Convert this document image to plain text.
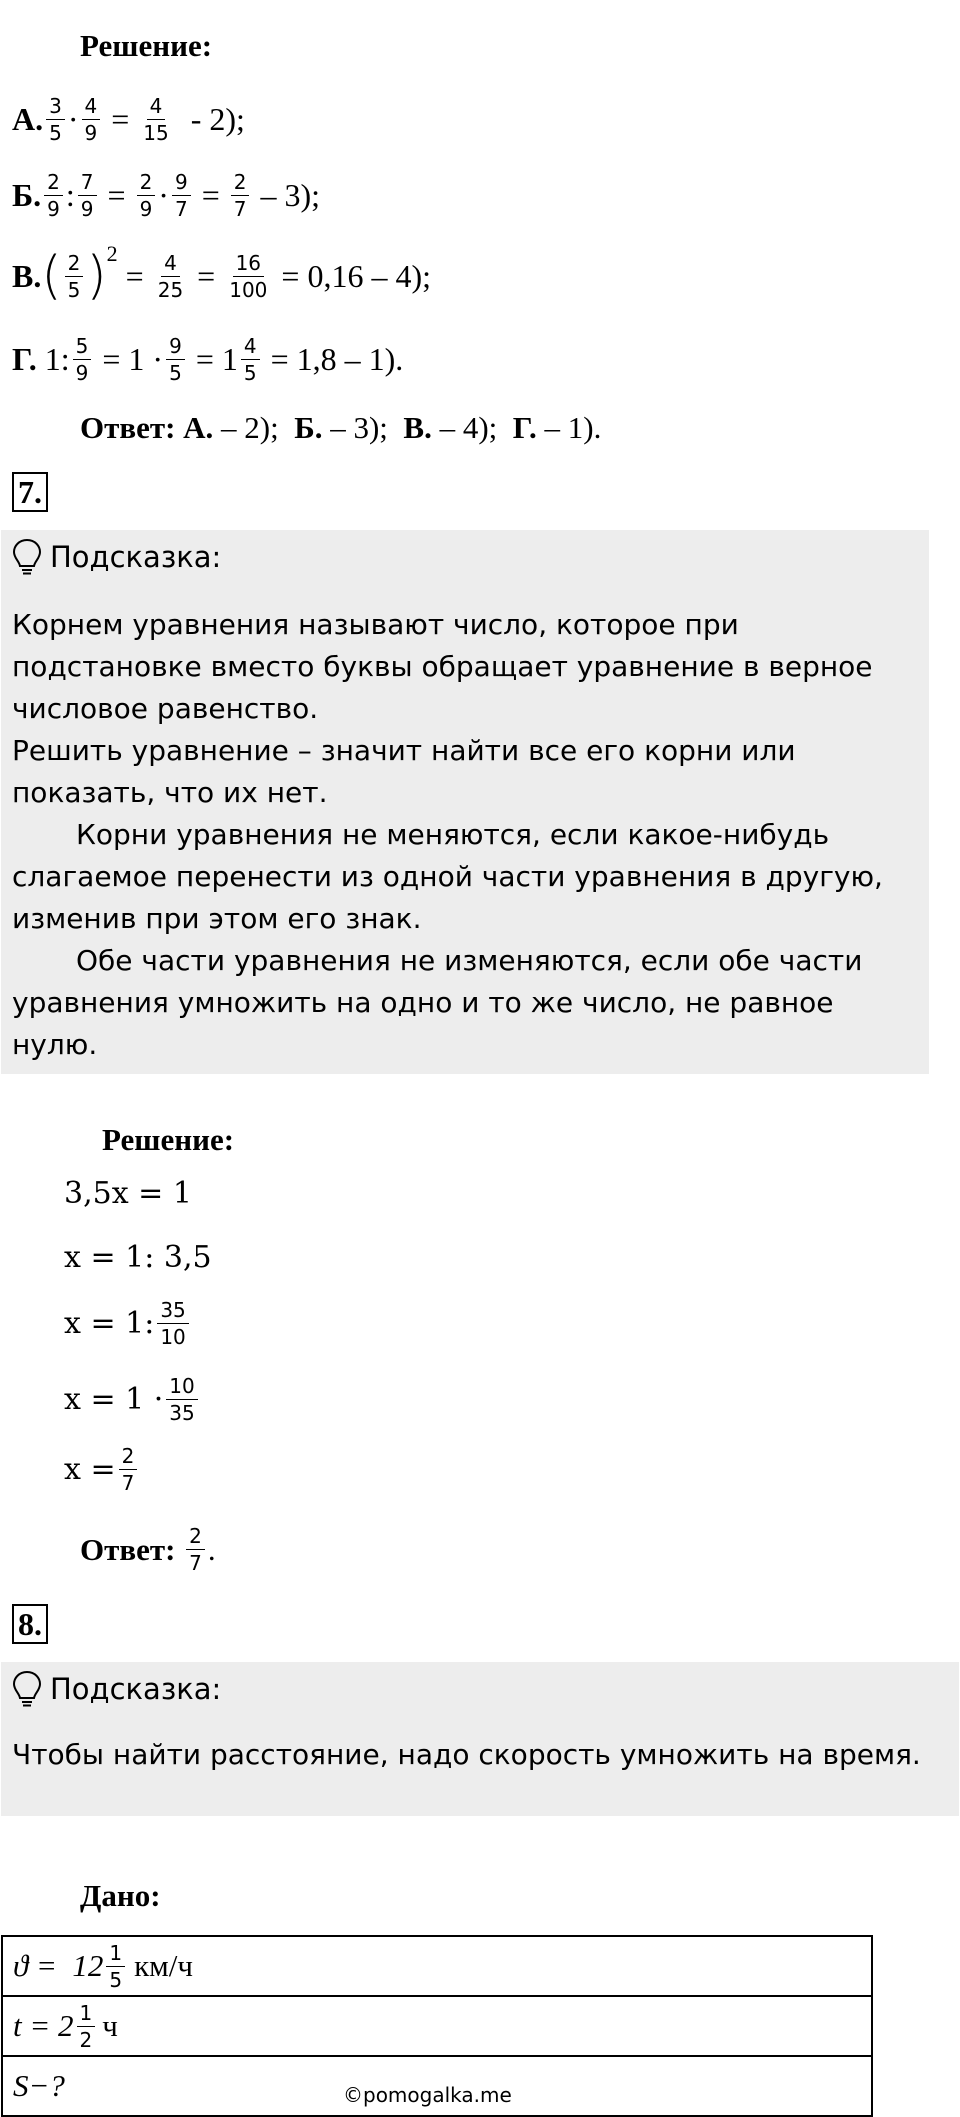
Решение:
А. $\frac{3}{5} \cdot \frac{4}{9} = \frac{4}{15} - 2$);
Б. $\frac{2}{9}$ : $\frac{7}{9} = \frac{2}{9} \cdot \frac{9}{7} = \frac{2}{7} - 3$);
В. ( $\frac{2}{5}$ ) 2
= $\frac{4}{25} = \frac{16}{100} = 0,16 - 4$);
Г. 1: $\frac{5}{9} = 1 \cdot \frac{9}{5} = 1 \frac{4}{5} = 1,8 - 1$).
Ответ:
А.
– 2);
Б.
– 3);
В.
– 4);
Г.
– 1).
7.
Подсказка:

Корнем уравнения называют число, которое при подстановке вместо буквы обращает уравнение в верное числовое равенство.

Решить уравнение – значит найти все его корни или показать, что их нет.

Корни уравнения не меняются, если какое-нибудь слагаемое перенести из одной части уравнения в другую, изменив при этом его знак.

Обе части уравнения не изменяются, если обе части уравнения умножить на одно и то же число, не равное нулю.

Решение:
3,5x = 1
x = 1: 3,5
x = 1: $\frac{35}{10}$
$x = 1 \cdot \frac{10}{35}$
$x = \frac{2}{7}$
Ответ:
$\frac{2}{7}$ .
8.
Подсказка:
Чтобы найти расстояние, надо скорость умножить на время.
Дано:
$ϑ = 12 \frac{1}{5} км/ч$

$t = 2 \frac{1}{2}$ ч

S−?	©pomogalka.me
